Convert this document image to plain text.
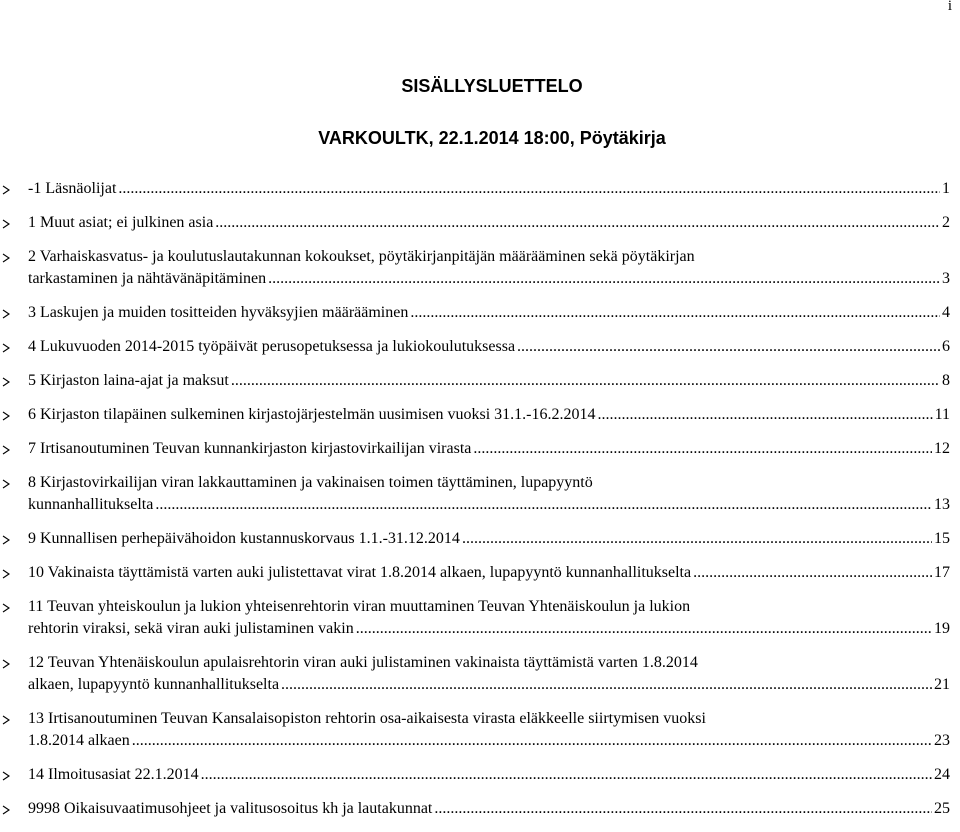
i
SISÄLLYSLUETTELO
VARKOULTK, 22.1.2014 18:00, Pöytäkirja
-1 Läsnäolijat .....	1
1 Muut asiat; ei julkinen asia .....	2
2 Varhaiskasvatus- ja koulutuslautakunnan kokoukset, pöytäkirjanpitäjän määrääminen sekä pöytäkirjan
tarkastaminen ja nähtävänäpitäminen .....	3
3 Laskujen ja muiden tositteiden hyväksyjien määrääminen .....	4
4 Lukuvuoden 2014-2015 työpäivät perusopetuksessa ja lukiokoulutuksessa .....	6
5 Kirjaston laina-ajat ja maksut .....	8
6 Kirjaston tilapäinen sulkeminen kirjastojärjestelmän uusimisen vuoksi 31.1.-16.2.2014 .....	11
7 Irtisanoutuminen Teuvan kunnankirjaston kirjastovirkailijan virasta .....	12
8 Kirjastovirkailijan viran lakkauttaminen ja vakinaisen toimen täyttäminen, lupapyyntö
kunnanhallitukselta .....	13
9 Kunnallisen perhepäivähoidon kustannuskorvaus 1.1.-31.12.2014 .....	15
10 Vakinaista täyttämistä varten auki julistettavat virat 1.8.2014 alkaen, lupapyyntö kunnanhallitukselta .....	17
11 Teuvan yhteiskoulun ja lukion yhteisenrehtorin viran muuttaminen Teuvan Yhtenäiskoulun ja lukion
rehtorin viraksi, sekä viran auki julistaminen vakin .....	19
12 Teuvan Yhtenäiskoulun apulaisrehtorin viran auki julistaminen vakinaista täyttämistä varten 1.8.2014
alkaen, lupapyyntö kunnanhallitukselta .....	21
13 Irtisanoutuminen Teuvan Kansalaisopiston rehtorin osa-aikaisesta virasta eläkkeelle siirtymisen vuoksi
1.8.2014 alkaen .....	23
14 Ilmoitusasiat 22.1.2014 .....	24
9998 Oikaisuvaatimusohjeet ja valitusosoitus kh ja lautakunnat .....	25
